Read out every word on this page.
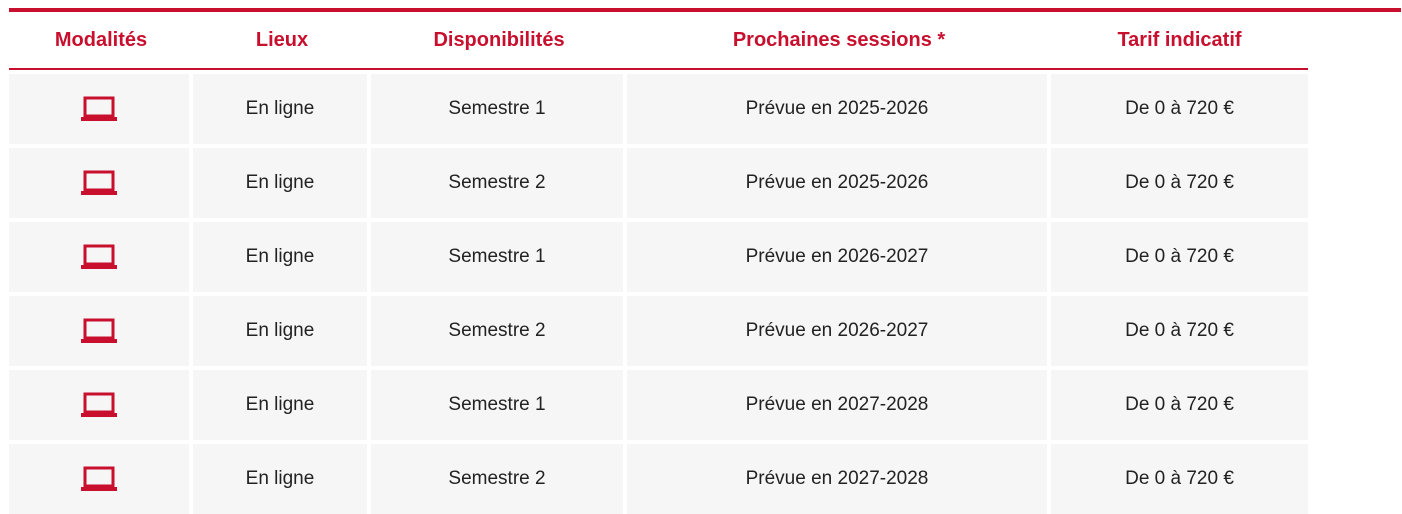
Modalités	Lieux	Disponibilités	Prochaines sessions *	Tarif indicatif

	En ligne	Semestre 1	Prévue en 2025-2026	De 0 à 720 €

	En ligne	Semestre 2	Prévue en 2025-2026	De 0 à 720 €

	En ligne	Semestre 1	Prévue en 2026-2027	De 0 à 720 €

	En ligne	Semestre 2	Prévue en 2026-2027	De 0 à 720 €

	En ligne	Semestre 1	Prévue en 2027-2028	De 0 à 720 €

	En ligne	Semestre 2	Prévue en 2027-2028	De 0 à 720 €
